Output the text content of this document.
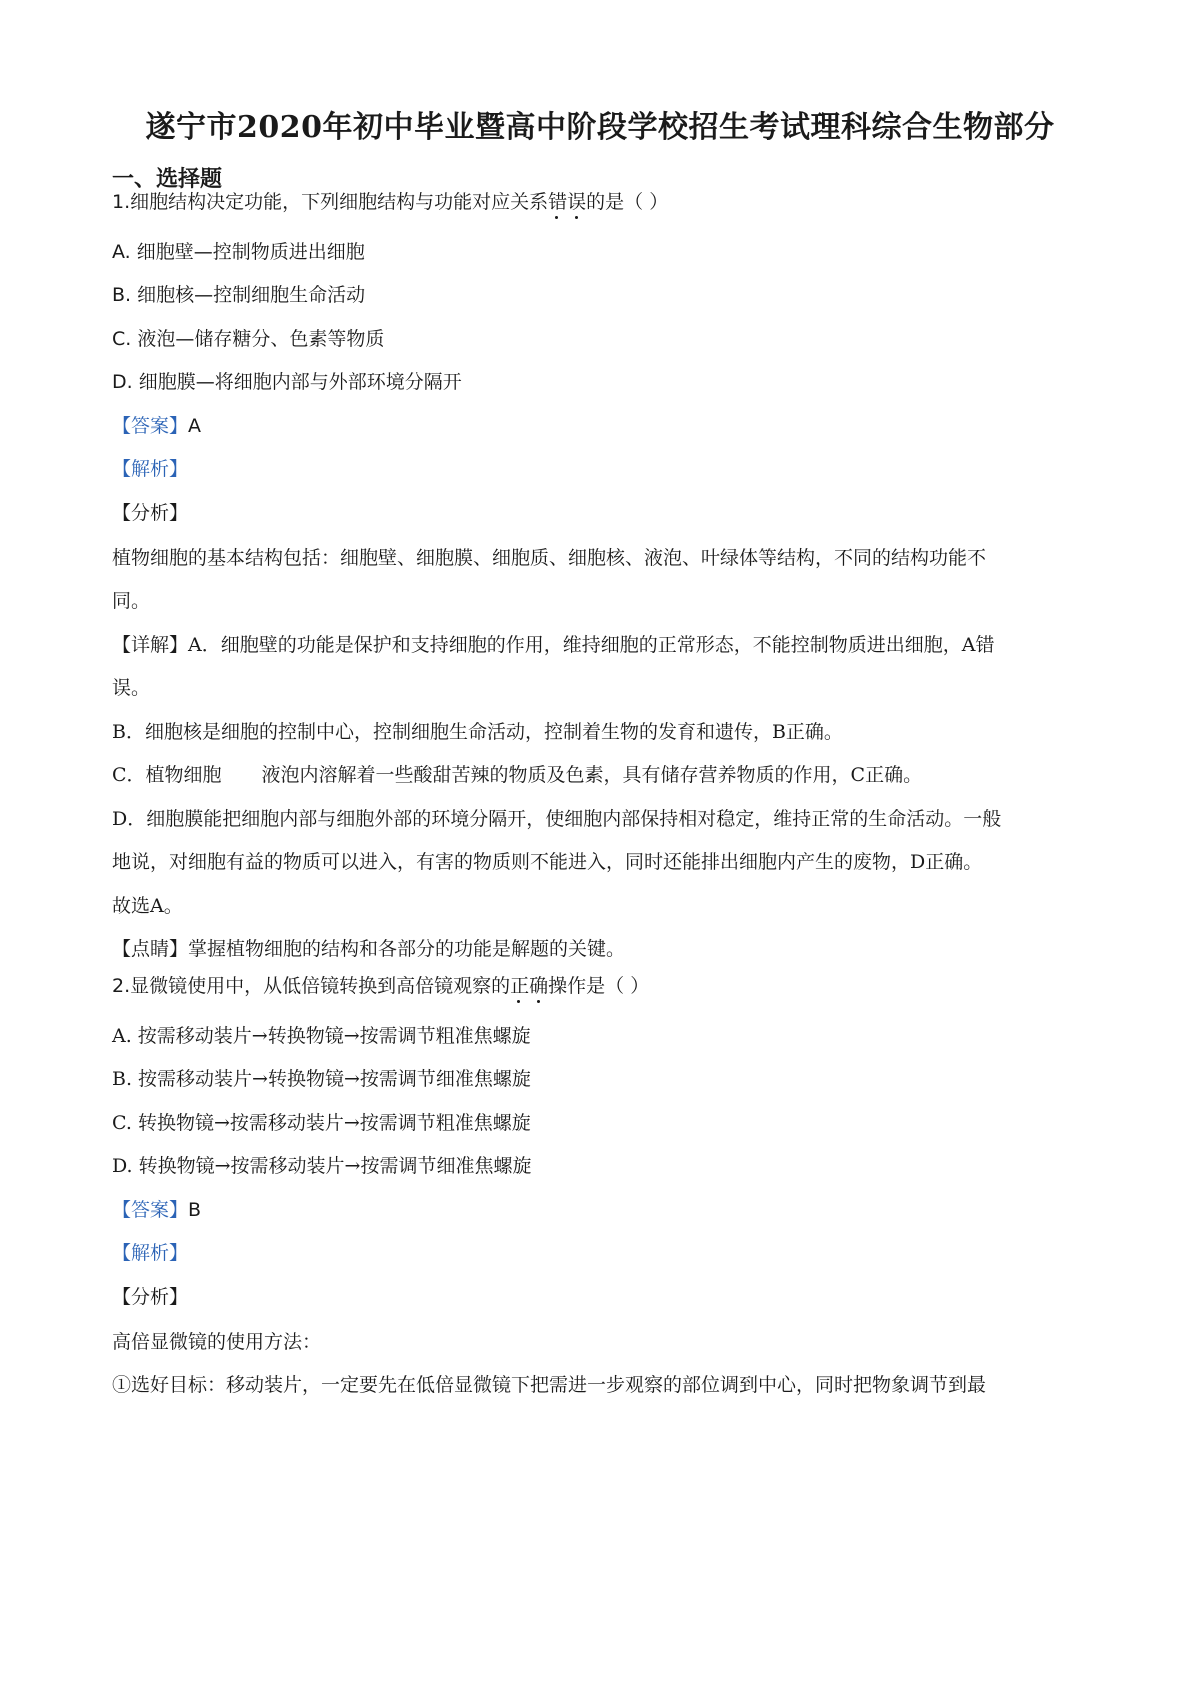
遂宁市2020年初中毕业暨高中阶段学校招生考试理科综合生物部分
一、选择题
1.细胞结构决定功能，下列细胞结构与功能对应关系错误
的是（ ）
A. 细胞壁—控制物质进出细胞
B. 细胞核—控制细胞生命活动
C. 液泡—储存糖分、色素等物质
D. 细胞膜—将细胞内部与外部环境分隔开
【答案】A
【解析】
【分析】
植物细胞的基本结构包括：细胞壁、细胞膜、细胞质、细胞核、液泡、叶绿体等结构，不同的结构功能不
同。
【详解】A．细胞壁的功能是保护和支持细胞的作用，维持细胞的正常形态，不能控制物质进出细胞，A错
误。
B．细胞核是细胞的控制中心，控制细胞生命活动，控制着生物的发育和遗传，B正确。
C．植物细胞 液泡内溶解着一些酸甜苦辣的物质及色素，具有储存营养物质的作用，C正确。
D．细胞膜能把细胞内部与细胞外部的环境分隔开，使细胞内部保持相对稳定，维持正常的生命活动。一般
地说，对细胞有益的物质可以进入，有害的物质则不能进入，同时还能排出细胞内产生的废物，D正确。
故选A。
【点睛】掌握植物细胞的结构和各部分的功能是解题的关键。
2.显微镜使用中，从低倍镜转换到高倍镜观察的正确
操作是（ ）
A. 按需移动装片→转换物镜→按需调节粗准焦螺旋
B. 按需移动装片→转换物镜→按需调节细准焦螺旋
C. 转换物镜→按需移动装片→按需调节粗准焦螺旋
D. 转换物镜→按需移动装片→按需调节细准焦螺旋
【答案】B
【解析】
【分析】
高倍显微镜的使用方法：
①选好目标：移动装片，一定要先在低倍显微镜下把需进一步观察的部位调到中心，同时把物象调节到最
